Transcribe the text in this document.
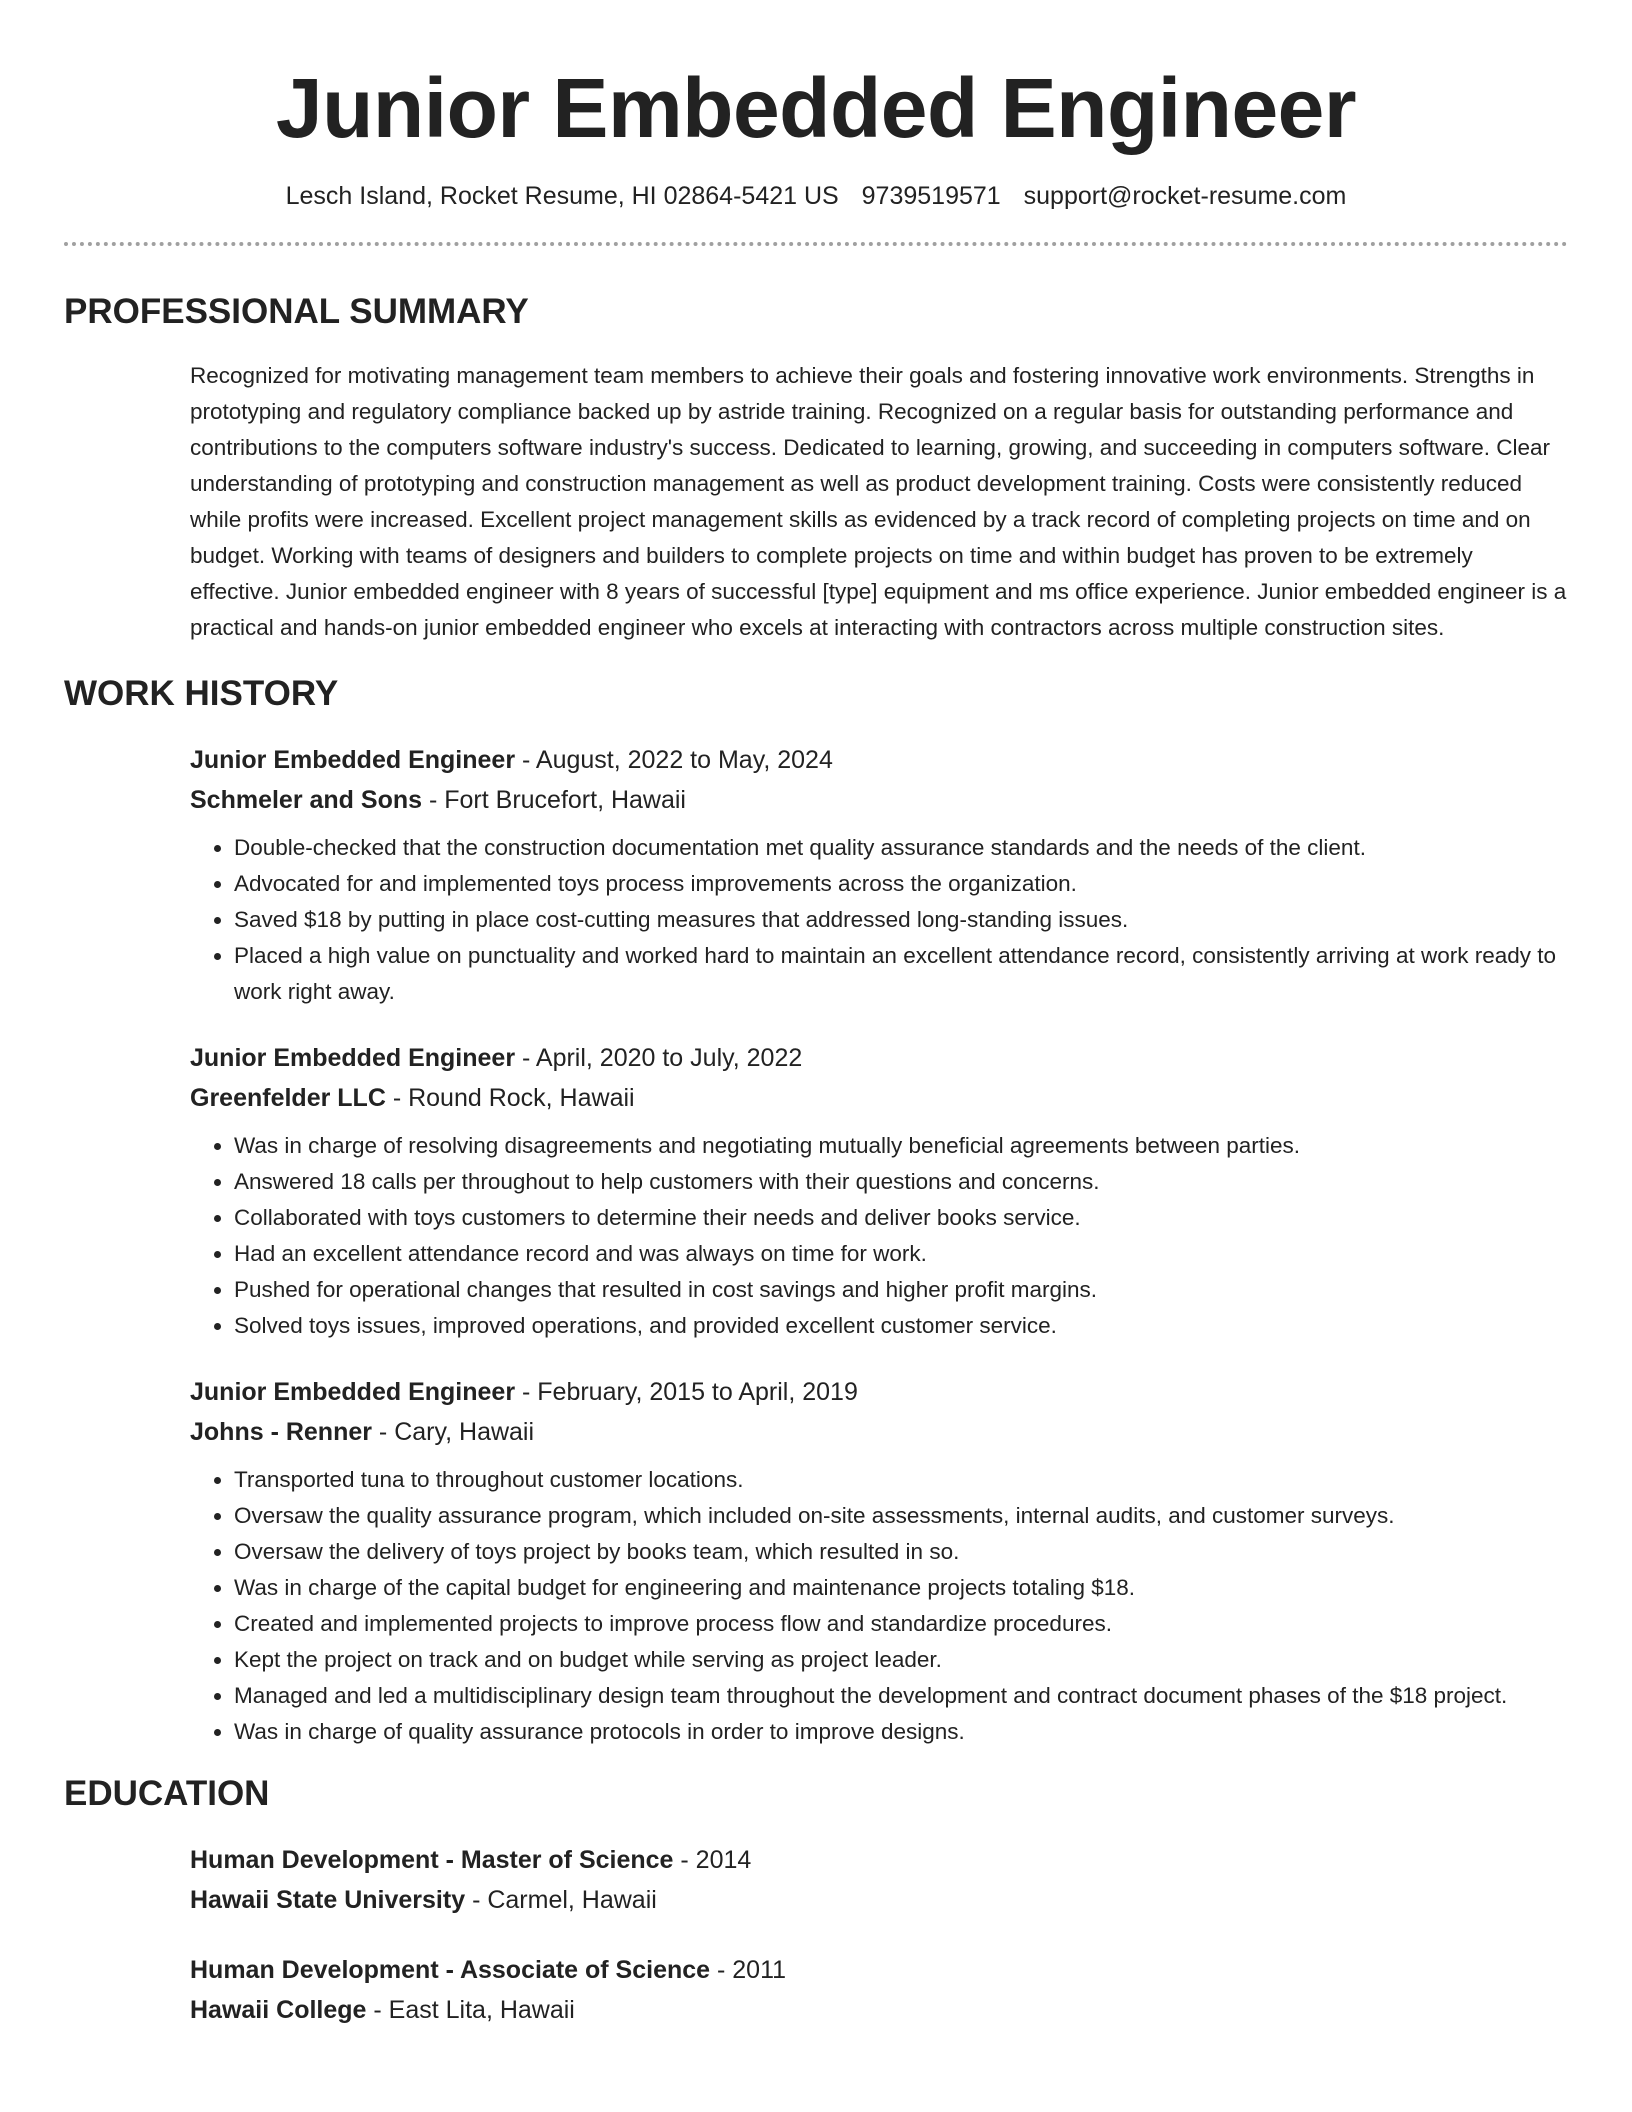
Junior Embedded Engineer
Lesch Island, Rocket Resume, HI 02864-5421 US 9739519571 support@rocket-resume.com
PROFESSIONAL SUMMARY
Recognized for motivating management team members to achieve their goals and fostering innovative work environments. Strengths in prototyping and regulatory compliance backed up by astride training. Recognized on a regular basis for outstanding performance and contributions to the computers software industry's success. Dedicated to learning, growing, and succeeding in computers software. Clear understanding of prototyping and construction management as well as product development training. Costs were consistently reduced while profits were increased. Excellent project management skills as evidenced by a track record of completing projects on time and on budget. Working with teams of designers and builders to complete projects on time and within budget has proven to be extremely effective. Junior embedded engineer with 8 years of successful [type] equipment and ms office experience. Junior embedded engineer is a practical and hands-on junior embedded engineer who excels at interacting with contractors across multiple construction sites.
WORK HISTORY
Junior Embedded Engineer - August, 2022 to May, 2024
Schmeler and Sons - Fort Brucefort, Hawaii
• Double-checked that the construction documentation met quality assurance standards and the needs of the client.
• Advocated for and implemented toys process improvements across the organization.
• Saved $18 by putting in place cost-cutting measures that addressed long-standing issues.
• Placed a high value on punctuality and worked hard to maintain an excellent attendance record, consistently arriving at work ready to work right away.
Junior Embedded Engineer - April, 2020 to July, 2022
Greenfelder LLC - Round Rock, Hawaii
• Was in charge of resolving disagreements and negotiating mutually beneficial agreements between parties.
• Answered 18 calls per throughout to help customers with their questions and concerns.
• Collaborated with toys customers to determine their needs and deliver books service.
• Had an excellent attendance record and was always on time for work.
• Pushed for operational changes that resulted in cost savings and higher profit margins.
• Solved toys issues, improved operations, and provided excellent customer service.
Junior Embedded Engineer - February, 2015 to April, 2019
Johns - Renner - Cary, Hawaii
• Transported tuna to throughout customer locations.
• Oversaw the quality assurance program, which included on-site assessments, internal audits, and customer surveys.
• Oversaw the delivery of toys project by books team, which resulted in so.
• Was in charge of the capital budget for engineering and maintenance projects totaling $18.
• Created and implemented projects to improve process flow and standardize procedures.
• Kept the project on track and on budget while serving as project leader.
• Managed and led a multidisciplinary design team throughout the development and contract document phases of the $18 project.
• Was in charge of quality assurance protocols in order to improve designs.
EDUCATION
Human Development - Master of Science - 2014
Hawaii State University - Carmel, Hawaii
Human Development - Associate of Science - 2011
Hawaii College - East Lita, Hawaii
